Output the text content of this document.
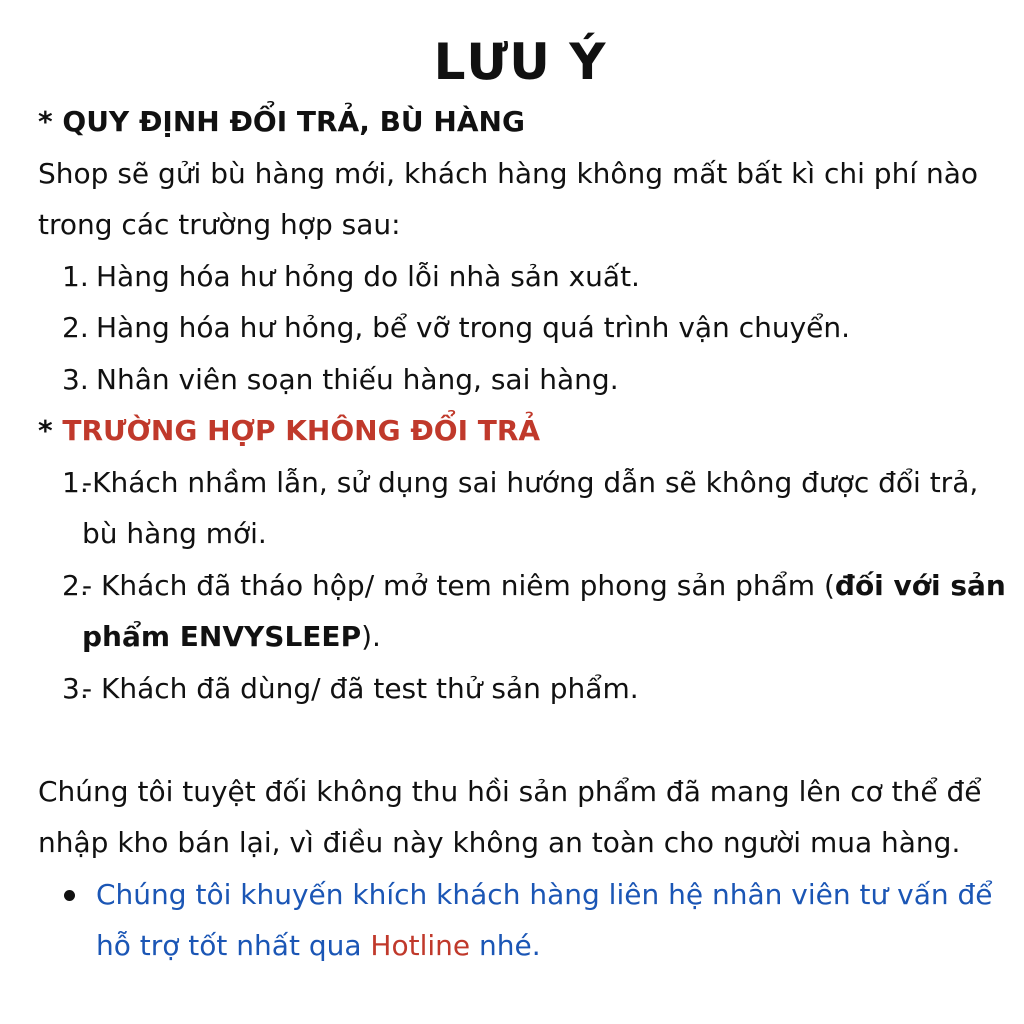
LƯU Ý
* QUY ĐỊNH ĐỔI TRẢ, BÙ HÀNG

Shop sẽ gửi bù hàng mới, khách hàng không mất bất kì chi phí nào trong các trường hợp sau:

1. Hàng hóa hư hỏng do lỗi nhà sản xuất.
2. Hàng hóa hư hỏng, bể vỡ trong quá trình vận chuyển.
3. Nhân viên soạn thiếu hàng, sai hàng.
* TRƯỜNG HỢP KHÔNG ĐỔI TRẢ
1.
-Khách nhầm lẫn, sử dụng sai hướng dẫn sẽ không được đổi trả, bù hàng mới.
2.
- Khách đã tháo hộp/ mở tem niêm phong sản phẩm (đối với sản phẩm ENVYSLEEP).
3.
- Khách đã dùng/ đã test thử sản phẩm.

Chúng tôi tuyệt đối không thu hồi sản phẩm đã mang lên cơ thể để nhập kho bán lại, vì điều này không an toàn cho người mua hàng.

Chúng tôi khuyến khích khách hàng liên hệ nhân viên tư vấn để hỗ trợ tốt nhất qua Hotline nhé.
